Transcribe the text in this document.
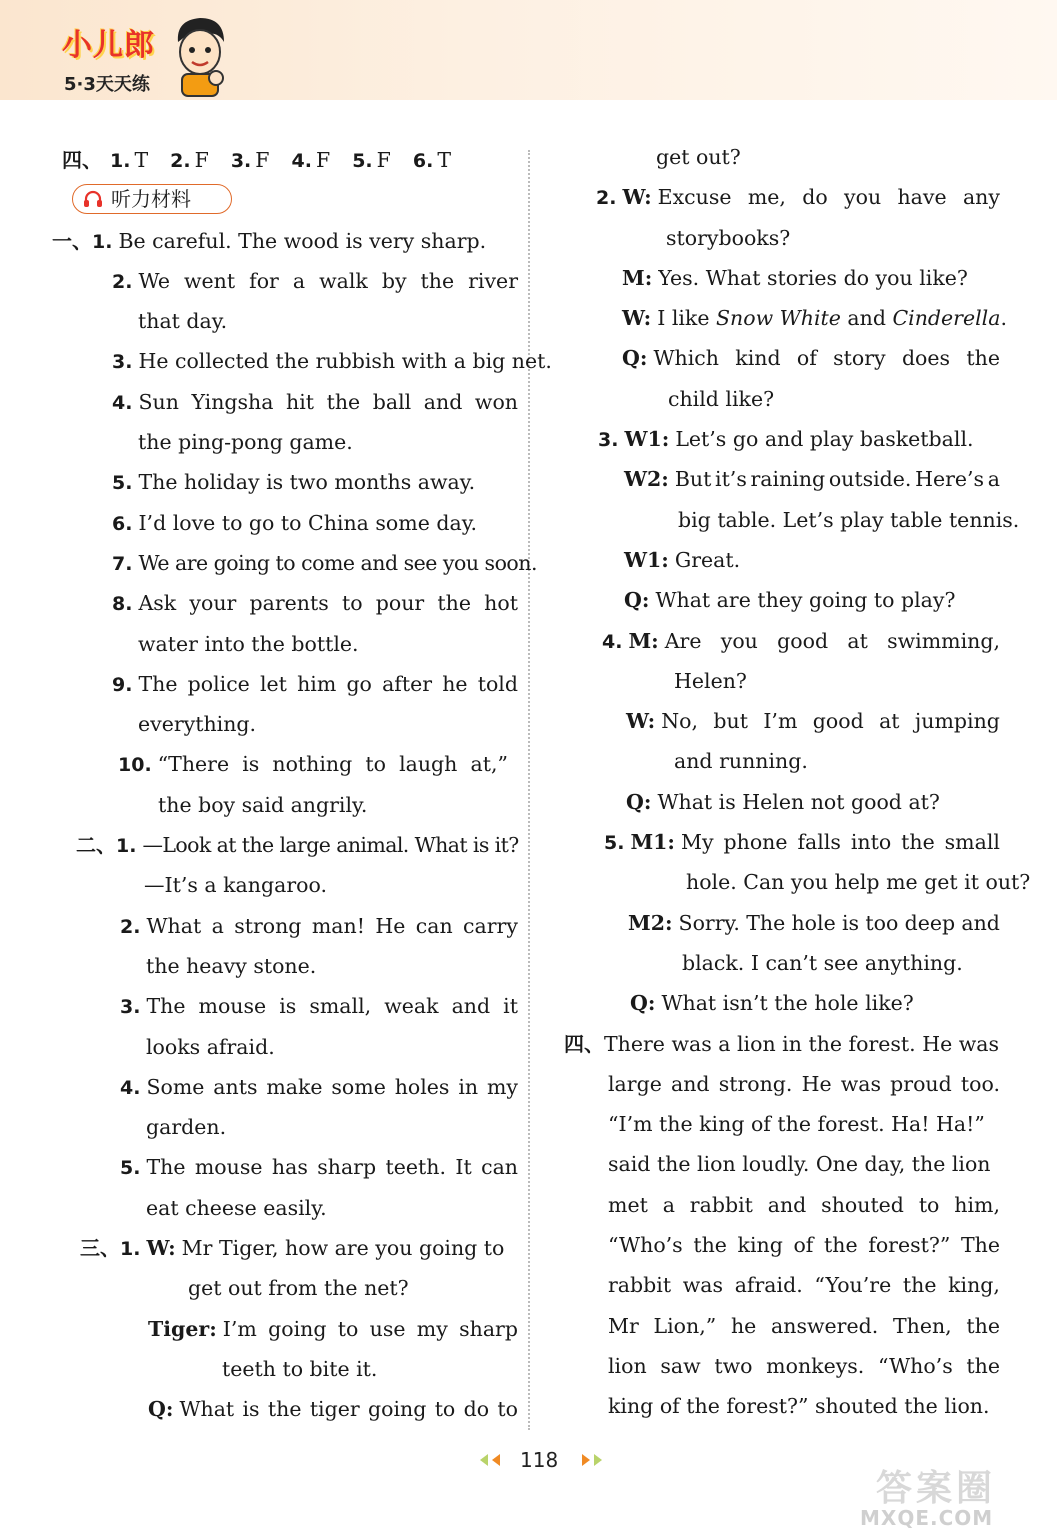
小儿郎
5·3天天练
四、 1. T 2. F 3. F 4. F 5. F 6. T
听力材料
一、1. Be careful. The wood is very sharp.
2. We went for a walk by the river
that day.
3. He collected the rubbish with a big net.
4. Sun Yingsha hit the ball and won
the ping-pong game.
5. The holiday is two months away.
6. I’d love to go to China some day.
7. We are going to come and see you soon.
8. Ask your parents to pour the hot
water into the bottle.
9. The police let him go after he told
everything.
10. “There is nothing to laugh at,”
the boy said angrily.
二、1. —Look at the large animal. What is it?
—It’s a kangaroo.
2. What a strong man! He can carry
the heavy stone.
3. The mouse is small, weak and it
looks afraid.
4. Some ants make some holes in my
garden.
5. The mouse has sharp teeth. It can
eat cheese easily.
三、1. W: Mr Tiger, how are you going to
get out from the net?
Tiger: I’m going to use my sharp
teeth to bite it.
Q: What is the tiger going to do to
get out?
2. W: Excuse me, do you have any
storybooks?
M: Yes. What stories do you like?
W: I like Snow White and Cinderella.
Q: Which kind of story does the
child like?
3. W1: Let’s go and play basketball.
W2: But it’s raining outside. Here’s a
big table. Let’s play table tennis.
W1: Great.
Q: What are they going to play?
4. M: Are you good at swimming,
Helen?
W: No, but I’m good at jumping
and running.
Q: What is Helen not good at?
5. M1: My phone falls into the small
hole. Can you help me get it out?
M2: Sorry. The hole is too deep and
black. I can’t see anything.
Q: What isn’t the hole like?
四、There was a lion in the forest. He was
large and strong. He was proud too.
“I’m the king of the forest. Ha! Ha!”
said the lion loudly. One day, the lion
met a rabbit and shouted to him,
“Who’s the king of the forest?” The
rabbit was afraid. “You’re the king,
Mr Lion,” he answered. Then, the
lion saw two monkeys. “Who’s the
king of the forest?” shouted the lion.
118
答案圈
MXQE.COM
